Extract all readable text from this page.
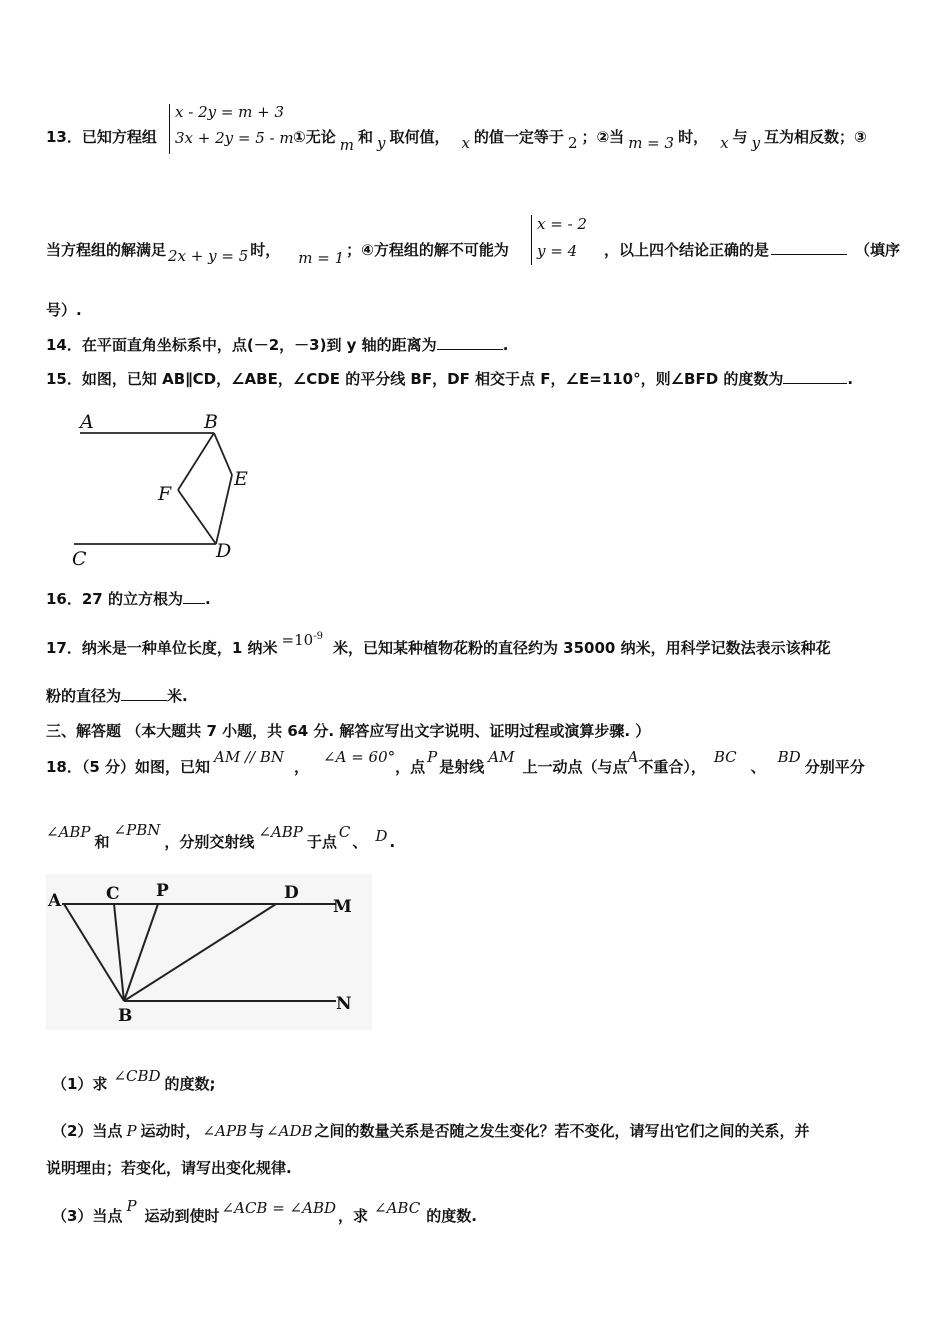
x - 2y = m + 3
3x + 2y = 5 - m
13．已知方程组	①无论 m 和 y 取何值， x 的值一定等于 2 ；②当 m = 3 时， x 与 y 互为相反数；③
x = - 2
y = 4
当方程组的解满足 2x + y = 5 时， m = 1 ；④方程组的解不可能为	，以上四个结论正确的是	（填序
号）.
14．在平面直角坐标系中，点(－2，－3)到 y 轴的距离为	.
15．如图，已知 AB∥CD，∠ABE，∠CDE 的平分线 BF，DF 相交于点 F，∠E=110°，则∠BFD 的度数为	.
A	B
E
F
C	D
16．27 的立方根为 .
17．纳米是一种单位长度，1 纳米 $=10^{-9}$米，已知某种植物花粉的直径约为 35000 纳米，用科学记数法表示该种花
粉的直径为	米.
三、解答题 （本大题共 7 小题，共 64 分. 解答应写出文字说明、证明过程或演算步骤. ）
18．（5 分）如图，已知AM // BN，∠A = 60°，点P是射线AM上一动点（与点A不重合），BC、BD分别平分
∠ABP和∠PBN，分别交射线∠ABP于点C、 D .
A	C P	D
M
B
N
（1）求 ∠CBD 的度数;
（2）当点 P 运动时， ∠APB 与 ∠ADB 之间的数量关系是否随之发生变化？若不变化，请写出它们之间的关系，并
说明理由；若变化，请写出变化规律.
（3）当点P运动到使时 ∠ACB = ∠ABD ，求 ∠ABC 的度数.
